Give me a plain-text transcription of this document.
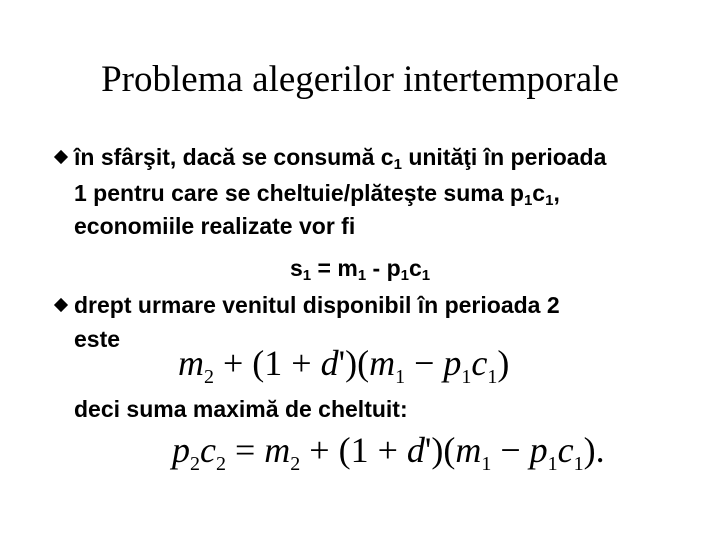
Problema alegerilor intertemporale
în sfârşit, dacă se consumă $c_1$ unităţi în perioada
1 pentru care se cheltuie/plăteşte suma $p_1c_1$,
economiile realizate vor fi
$s_1 = m_1 - p_1c_1$
drept urmare venitul disponibil în perioada 2
este
$m_2 + (1 + d')(m_1 - p_1c_1)$
deci suma maximă de cheltuit:
$p_2c_2 = m_2 + (1 + d')(m_1 - p_1c_1)$.
